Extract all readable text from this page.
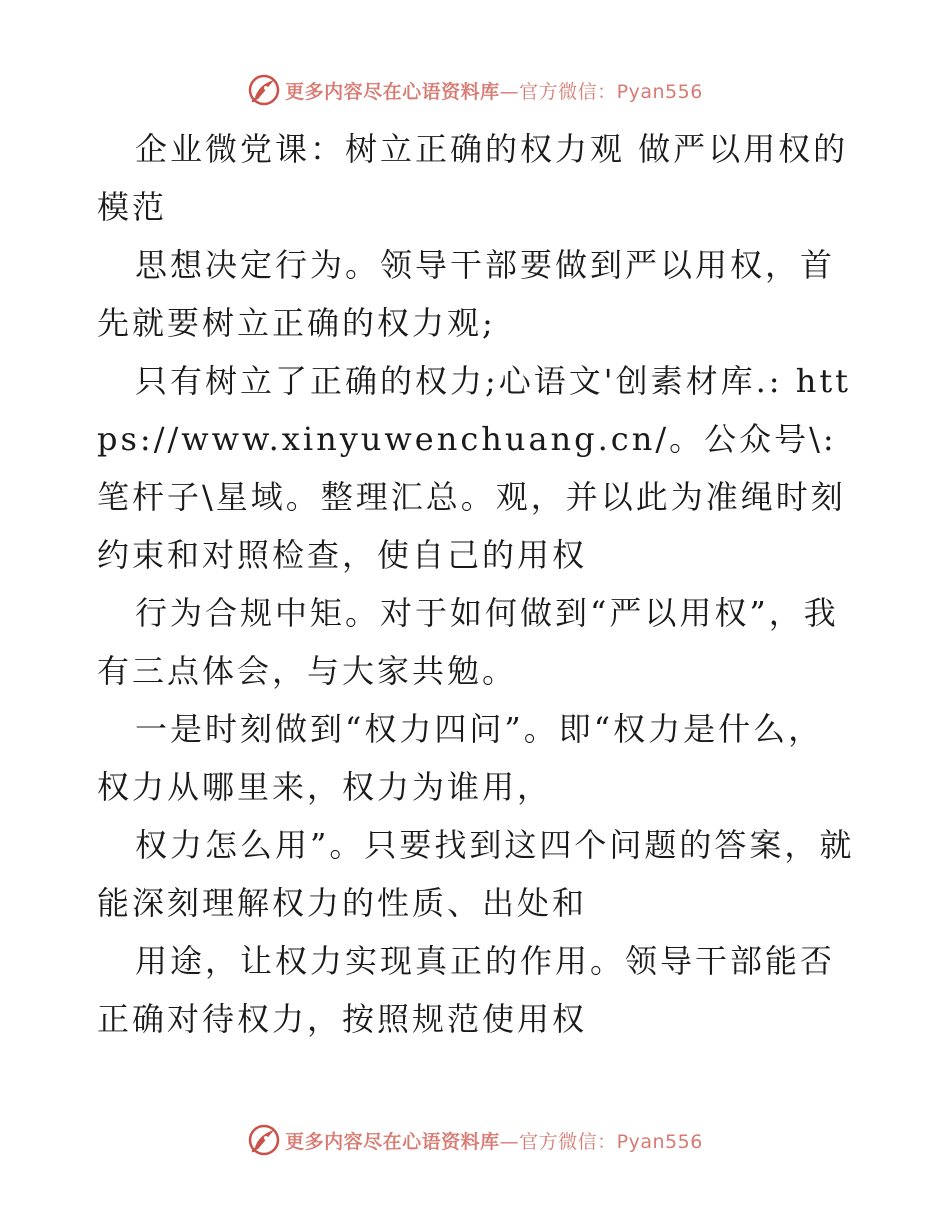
更多内容尽在心语资料库—官方微信：Pyan556

企业微党课：树立正确的权力观 做严以用权的模范

思想决定行为。领导干部要做到严以用权，首先就要树立正确的权力观;

只有树立了正确的权力;心语文'创素材库.: https://www.xinyuwenchuang.cn/。公众号\: 笔杆子\星域。整理汇总。观，并以此为准绳时刻约束和对照检查，使自己的用权

行为合规中矩。对于如何做到“严以用权”，我有三点体会，与大家共勉。

一是时刻做到“权力四问”。即“权力是什么，权力从哪里来，权力为谁用，

权力怎么用”。只要找到这四个问题的答案，就能深刻理解权力的性质、出处和

用途，让权力实现真正的作用。领导干部能否正确对待权力，按照规范使用权

更多内容尽在心语资料库—官方微信：Pyan556
